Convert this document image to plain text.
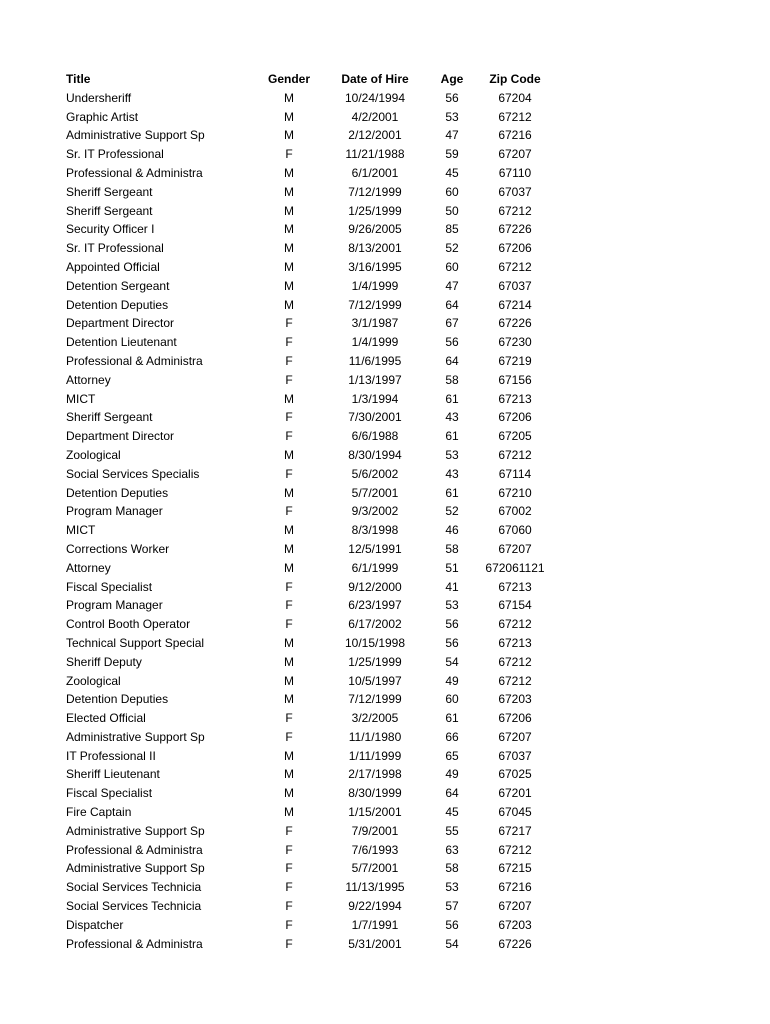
Title	Gender	Date of Hire	Age	Zip Code
Undersheriff	M	10/24/1994	56	67204
Graphic Artist	M	4/2/2001	53	67212
Administrative Support Sp	M	2/12/2001	47	67216
Sr. IT Professional	F	11/21/1988	59	67207
Professional & Administra	M	6/1/2001	45	67110
Sheriff Sergeant	M	7/12/1999	60	67037
Sheriff Sergeant	M	1/25/1999	50	67212
Security Officer I	M	9/26/2005	85	67226
Sr. IT Professional	M	8/13/2001	52	67206
Appointed Official	M	3/16/1995	60	67212
Detention Sergeant	M	1/4/1999	47	67037
Detention Deputies	M	7/12/1999	64	67214
Department Director	F	3/1/1987	67	67226
Detention Lieutenant	F	1/4/1999	56	67230
Professional & Administra	F	11/6/1995	64	67219
Attorney	F	1/13/1997	58	67156
MICT	M	1/3/1994	61	67213
Sheriff Sergeant	F	7/30/2001	43	67206
Department Director	F	6/6/1988	61	67205
Zoological	M	8/30/1994	53	67212
Social Services Specialis	F	5/6/2002	43	67114
Detention Deputies	M	5/7/2001	61	67210
Program Manager	F	9/3/2002	52	67002
MICT	M	8/3/1998	46	67060
Corrections Worker	M	12/5/1991	58	67207
Attorney	M	6/1/1999	51	672061121
Fiscal Specialist	F	9/12/2000	41	67213
Program Manager	F	6/23/1997	53	67154
Control Booth Operator	F	6/17/2002	56	67212
Technical Support Special	M	10/15/1998	56	67213
Sheriff Deputy	M	1/25/1999	54	67212
Zoological	M	10/5/1997	49	67212
Detention Deputies	M	7/12/1999	60	67203
Elected Official	F	3/2/2005	61	67206
Administrative Support Sp	F	11/1/1980	66	67207
IT Professional II	M	1/11/1999	65	67037
Sheriff Lieutenant	M	2/17/1998	49	67025
Fiscal Specialist	M	8/30/1999	64	67201
Fire Captain	M	1/15/2001	45	67045
Administrative Support Sp	F	7/9/2001	55	67217
Professional & Administra	F	7/6/1993	63	67212
Administrative Support Sp	F	5/7/2001	58	67215
Social Services Technicia	F	11/13/1995	53	67216
Social Services Technicia	F	9/22/1994	57	67207
Dispatcher	F	1/7/1991	56	67203
Professional & Administra	F	5/31/2001	54	67226
